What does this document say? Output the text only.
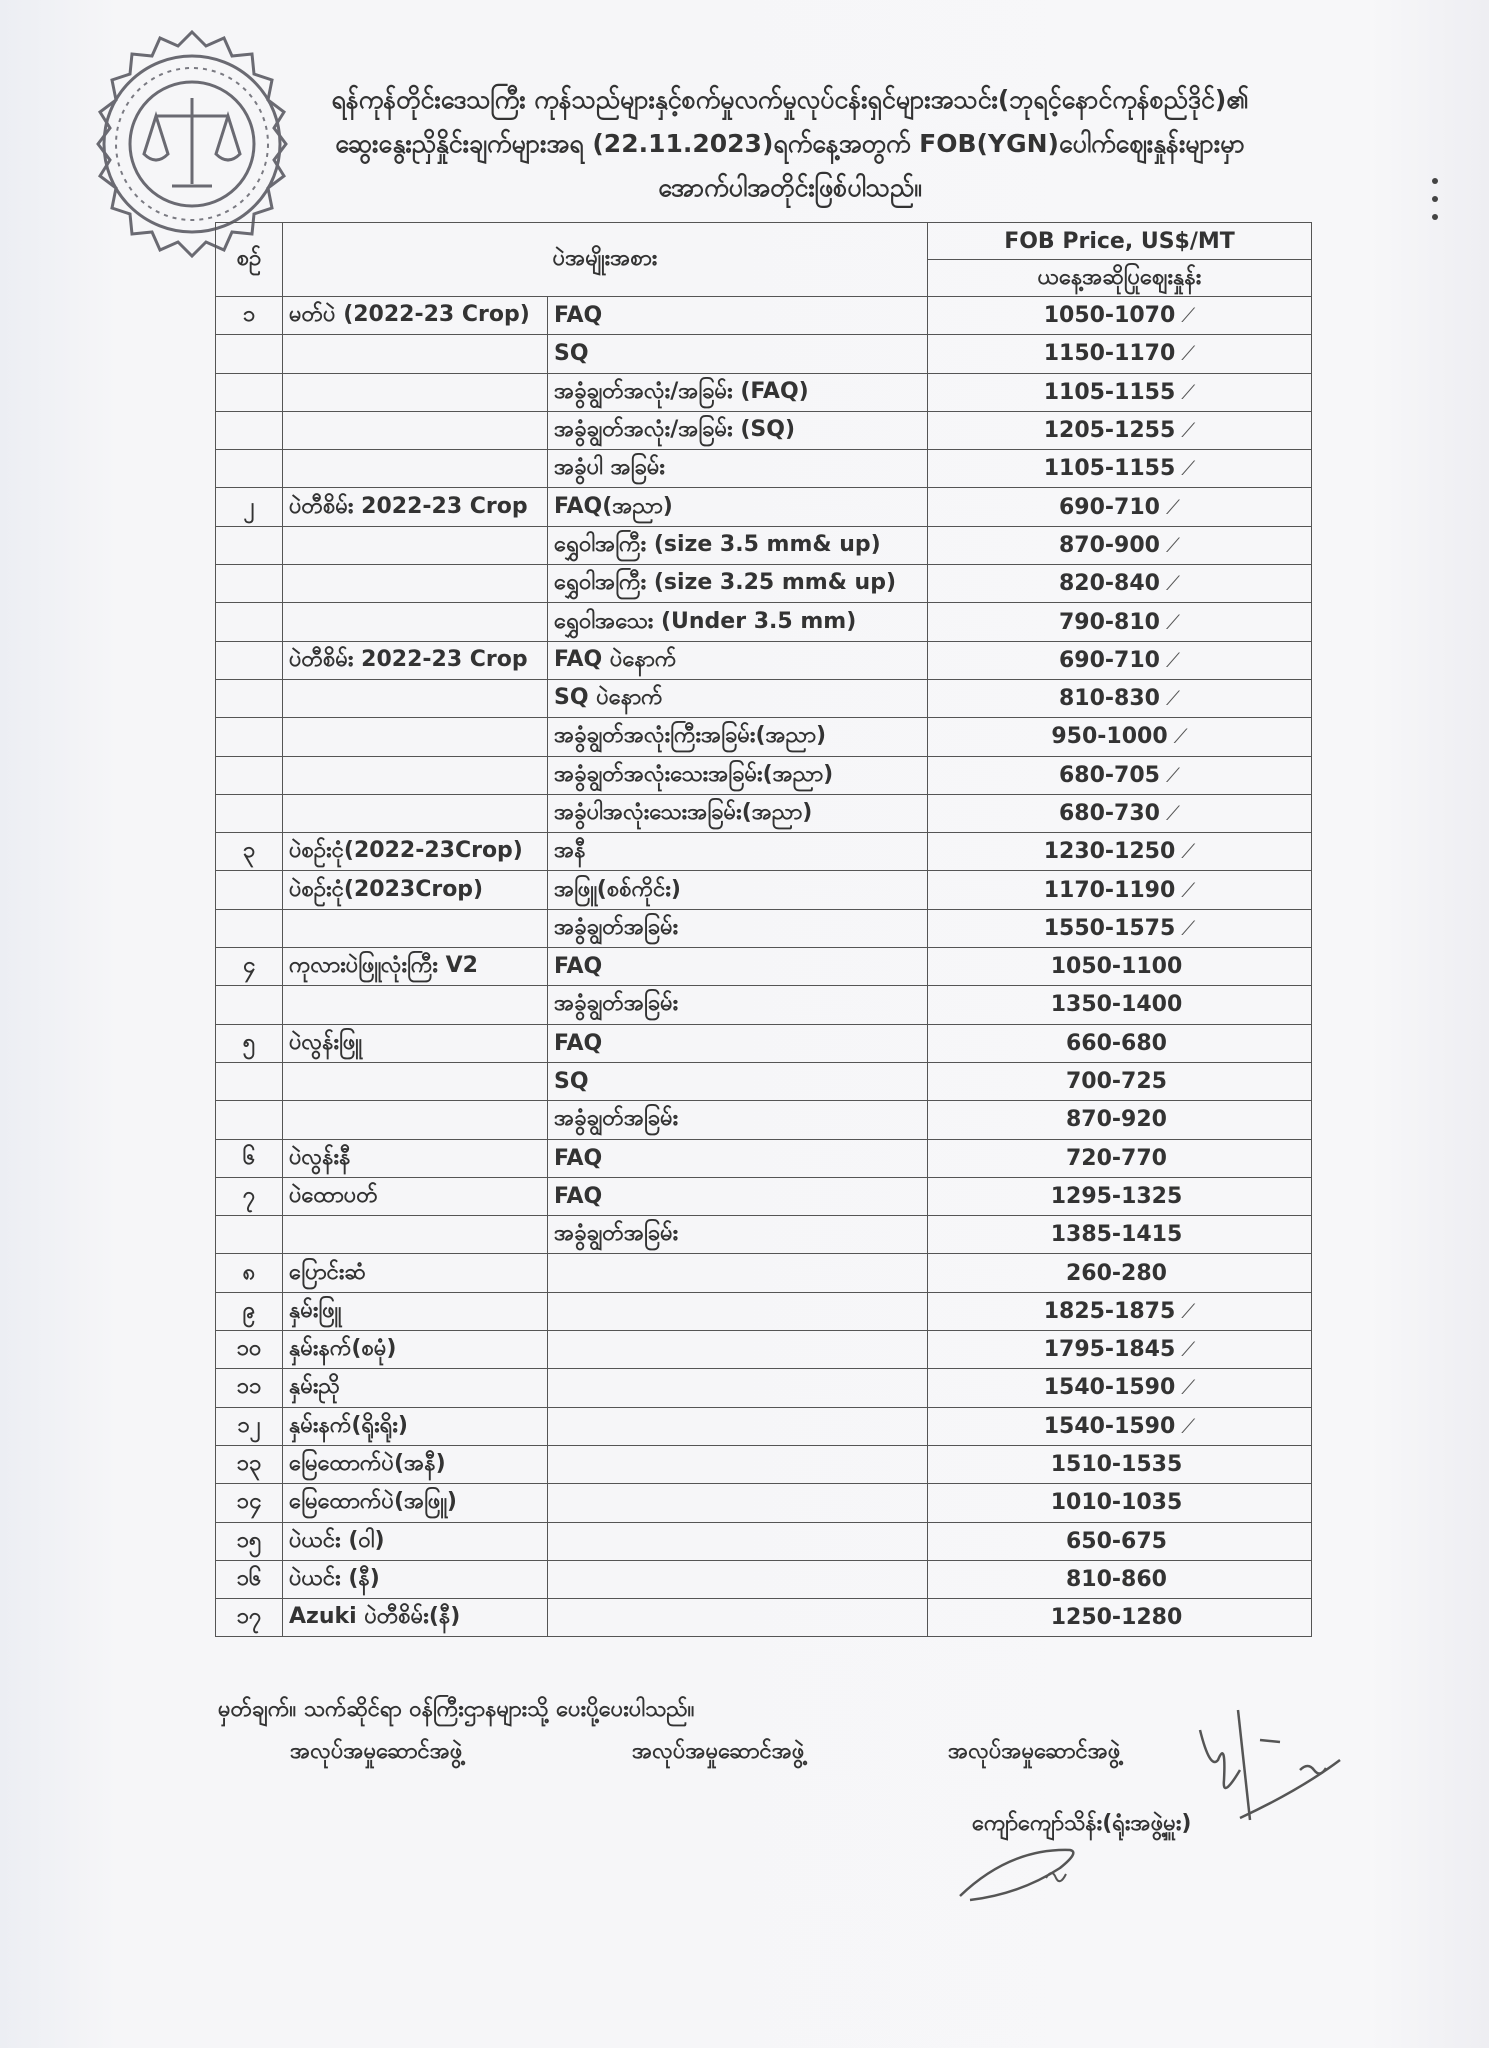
ရန်ကုန်တိုင်းဒေသကြီး ကုန်သည်များနှင့်စက်မှုလက်မှုလုပ်ငန်းရှင်များအသင်း(ဘုရင့်နောင်ကုန်စည်ဒိုင်)၏
ဆွေးနွေးညှိနှိုင်းချက်များအရ (22.11.2023)ရက်နေ့အတွက် FOB(YGN)ပေါက်ဈေးနှုန်းများမှာ
အောက်ပါအတိုင်းဖြစ်ပါသည်။
စဉ်	ပဲအမျိုးအစား		FOB Price, US$/MT
			ယနေ့အဆိုပြုဈေးနှုန်း
၁	မတ်ပဲ (2022-23 Crop)	FAQ	1050-1070 ⟋
		SQ	1150-1170 ⟋
		အခွံချွတ်အလုံး/အခြမ်း (FAQ)	1105-1155 ⟋
		အခွံချွတ်အလုံး/အခြမ်း (SQ)	1205-1255 ⟋
		အခွံပါ အခြမ်း	1105-1155 ⟋
၂	ပဲတီစိမ်း 2022-23 Crop	FAQ(အညာ)	690-710 ⟋
		ရွှေဝါအကြီး (size 3.5 mm& up)	870-900 ⟋
		ရွှေဝါအကြီး (size 3.25 mm& up)	820-840 ⟋
		ရွှေဝါအသေး (Under 3.5 mm)	790-810 ⟋
	ပဲတီစိမ်း 2022-23 Crop	FAQ ပဲနောက်	690-710 ⟋
		SQ ပဲနောက်	810-830 ⟋
		အခွံချွတ်အလုံးကြီးအခြမ်း(အညာ)	950-1000 ⟋
		အခွံချွတ်အလုံးသေးအခြမ်း(အညာ)	680-705 ⟋
		အခွံပါအလုံးသေးအခြမ်း(အညာ)	680-730 ⟋
၃	ပဲစဉ်းငုံ(2022-23Crop)	အနီ	1230-1250 ⟋
	ပဲစဉ်းငုံ(2023Crop)	အဖြူ(စစ်ကိုင်း)	1170-1190 ⟋
		အခွံချွတ်အခြမ်း	1550-1575 ⟋
၄	ကုလားပဲဖြူလုံးကြီး V2	FAQ	1050-1100
		အခွံချွတ်အခြမ်း	1350-1400
၅	ပဲလွန်းဖြူ	FAQ	660-680
		SQ	700-725
		အခွံချွတ်အခြမ်း	870-920
၆	ပဲလွန်းနီ	FAQ	720-770
၇	ပဲထောပတ်	FAQ	1295-1325
		အခွံချွတ်အခြမ်း	1385-1415
၈	ပြောင်းဆံ		260-280
၉	နှမ်းဖြူ		1825-1875 ⟋
၁၀	နှမ်းနက်(စမုံ)		1795-1845 ⟋
၁၁	နှမ်းညို		1540-1590 ⟋
၁၂	နှမ်းနက်(ရိုးရိုး)		1540-1590 ⟋
၁၃	မြေထောက်ပဲ(အနီ)		1510-1535
၁၄	မြေထောက်ပဲ(အဖြူ)		1010-1035
၁၅	ပဲယင်း (ဝါ)		650-675
၁၆	ပဲယင်း (နီ)		810-860
၁၇	Azuki ပဲတီစိမ်း(နီ)		1250-1280
မှတ်ချက်။ သက်ဆိုင်ရာ ဝန်ကြီးဌာနများသို့ ပေးပို့ပေးပါသည်။
အလုပ်အမှုဆောင်အဖွဲ့	အလုပ်အမှုဆောင်အဖွဲ့	အလုပ်အမှုဆောင်အဖွဲ့
ကျော်ကျော်သိန်း(ရုံးအဖွဲ့မှူး)
